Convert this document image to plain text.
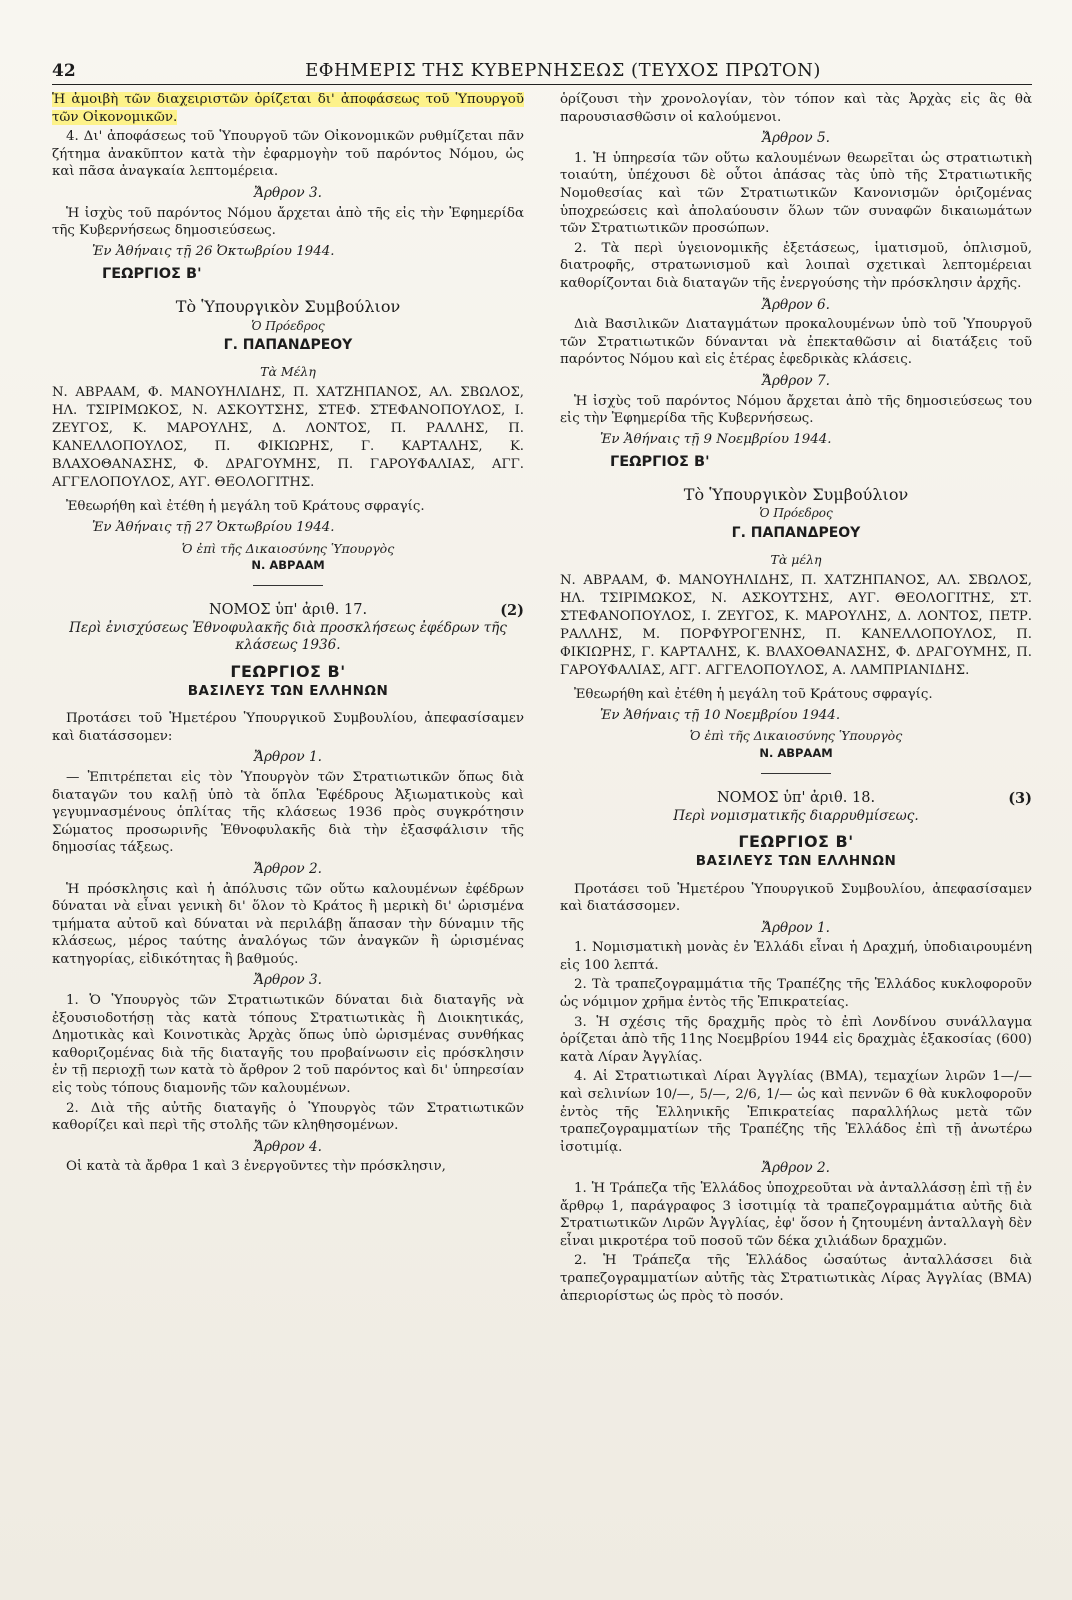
42	ΕΦΗΜΕΡΙΣ ΤΗΣ ΚΥΒΕΡΝΗΣΕΩΣ (ΤΕΥΧΟΣ ΠΡΩΤΟΝ)

Ἡ ἀμοιβὴ τῶν διαχειριστῶν ὁρίζεται δι' ἀποφάσεως τοῦ Ὑπουργοῦ τῶν Οἰκονομικῶν.

4. Δι' ἀποφάσεως τοῦ Ὑπουργοῦ τῶν Οἰκονομικῶν ρυθμίζεται πᾶν ζήτημα ἀνακῦπτον κατὰ τὴν ἐφαρμογὴν τοῦ παρόντος Νόμου, ὡς καὶ πᾶσα ἀναγκαία λεπτομέρεια.

Ἄρθρον 3.

Ἡ ἰσχὺς τοῦ παρόντος Νόμου ἄρχεται ἀπὸ τῆς εἰς τὴν Ἐφημερίδα τῆς Κυβερνήσεως δημοσιεύσεως.

Ἐν Ἀθήναις τῇ 26 Ὀκτωβρίου 1944.
ΓΕΩΡΓΙΟΣ Β'
Τὸ Ὑπουργικὸν Συμβούλιον
Ὁ Πρόεδρος
Γ. ΠΑΠΑΝΔΡΕΟΥ
Τὰ Μέλη
Ν. ΑΒΡΑΑΜ, Φ. ΜΑΝΟΥΗΛΙΔΗΣ, Π. ΧΑΤΖΗΠΑΝΟΣ, ΑΛ. ΣΒΩΛΟΣ, ΗΛ. ΤΣΙΡΙΜΩΚΟΣ, Ν. ΑΣΚΟΥΤΣΗΣ, ΣΤΕΦ. ΣΤΕΦΑΝΟΠΟΥΛΟΣ, Ι. ΖΕΥΓΟΣ, Κ. ΜΑΡΟΥΛΗΣ, Δ. ΛΟΝΤΟΣ, Π. ΡΑΛΛΗΣ, Π. ΚΑΝΕΛΛΟΠΟΥΛΟΣ, Π. ΦΙΚΙΩΡΗΣ, Γ. ΚΑΡΤΑΛΗΣ, Κ. ΒΛΑΧΟΘΑΝΑΣΗΣ, Φ. ΔΡΑΓΟΥΜΗΣ, Π. ΓΑΡΟΥΦΑΛΙΑΣ, ΑΓΓ. ΑΓΓΕΛΟΠΟΥΛΟΣ, ΑΥΓ. ΘΕΟΛΟΓΙΤΗΣ.

Ἐθεωρήθη καὶ ἐτέθη ἡ μεγάλη τοῦ Κράτους σφραγίς.

Ἐν Ἀθήναις τῇ 27 Ὀκτωβρίου 1944.
Ὁ ἐπὶ τῆς Δικαιοσύνης Ὑπουργὸς
Ν. ΑΒΡΑΑΜ
ΝΟΜΟΣ ὑπ' ἀριθ. 17.	(2)
Περὶ ἐνισχύσεως Ἐθνοφυλακῆς διὰ προσκλήσεως ἐφέδρων τῆς κλάσεως 1936.
ΓΕΩΡΓΙΟΣ Β'
ΒΑΣΙΛΕΥΣ ΤΩΝ ΕΛΛΗΝΩΝ

Προτάσει τοῦ Ἡμετέρου Ὑπουργικοῦ Συμβουλίου, ἀπεφασίσαμεν καὶ διατάσσομεν:

Ἄρθρον 1.

— Ἐπιτρέπεται εἰς τὸν Ὑπουργὸν τῶν Στρατιωτικῶν ὅπως διὰ διαταγῶν του καλῇ ὑπὸ τὰ ὅπλα Ἐφέδρους Ἀξιωματικοὺς καὶ γεγυμνασμένους ὁπλίτας τῆς κλάσεως 1936 πρὸς συγκρότησιν Σώματος προσωρινῆς Ἐθνοφυλακῆς διὰ τὴν ἐξασφάλισιν τῆς δημοσίας τάξεως.

Ἄρθρον 2.

Ἡ πρόσκλησις καὶ ἡ ἀπόλυσις τῶν οὕτω καλουμένων ἐφέδρων δύναται νὰ εἶναι γενικὴ δι' ὅλον τὸ Κράτος ἢ μερικὴ δι' ὡρισμένα τμήματα αὐτοῦ καὶ δύναται νὰ περιλάβῃ ἅπασαν τὴν δύναμιν τῆς κλάσεως, μέρος ταύτης ἀναλόγως τῶν ἀναγκῶν ἢ ὡρισμένας κατηγορίας, εἰδικότητας ἢ βαθμούς.

Ἄρθρον 3.

1. Ὁ Ὑπουργὸς τῶν Στρατιωτικῶν δύναται διὰ διαταγῆς νὰ ἐξουσιοδοτήσῃ τὰς κατὰ τόπους Στρατιωτικὰς ἢ Διοικητικάς, Δημοτικὰς καὶ Κοινοτικὰς Ἀρχὰς ὅπως ὑπὸ ὡρισμένας συνθήκας καθοριζομένας διὰ τῆς διαταγῆς του προβαίνωσιν εἰς πρόσκλησιν ἐν τῇ περιοχῇ των κατὰ τὸ ἄρθρον 2 τοῦ παρόντος καὶ δι' ὑπηρεσίαν εἰς τοὺς τόπους διαμονῆς τῶν καλουμένων.

2. Διὰ τῆς αὐτῆς διαταγῆς ὁ Ὑπουργὸς τῶν Στρατιωτικῶν καθορίζει καὶ περὶ τῆς στολῆς τῶν κληθησομένων.

Ἄρθρον 4.

Οἱ κατὰ τὰ ἄρθρα 1 καὶ 3 ἐνεργοῦντες τὴν πρόσκλησιν,

ὁρίζουσι τὴν χρονολογίαν, τὸν τόπον καὶ τὰς Ἀρχὰς εἰς ἃς θὰ παρουσιασθῶσιν οἱ καλούμενοι.

Ἄρθρον 5.

1. Ἡ ὑπηρεσία τῶν οὕτω καλουμένων θεωρεῖται ὡς στρατιωτικὴ τοιαύτη, ὑπέχουσι δὲ οὗτοι ἁπάσας τὰς ὑπὸ τῆς Στρατιωτικῆς Νομοθεσίας καὶ τῶν Στρατιωτικῶν Κανονισμῶν ὁριζομένας ὑποχρεώσεις καὶ ἀπολαύουσιν ὅλων τῶν συναφῶν δικαιωμάτων τῶν Στρατιωτικῶν προσώπων.

2. Τὰ περὶ ὑγειονομικῆς ἐξετάσεως, ἱματισμοῦ, ὁπλισμοῦ, διατροφῆς, στρατωνισμοῦ καὶ λοιπαὶ σχετικαὶ λεπτομέρειαι καθορίζονται διὰ διαταγῶν τῆς ἐνεργούσης τὴν πρόσκλησιν ἀρχῆς.

Ἄρθρον 6.

Διὰ Βασιλικῶν Διαταγμάτων προκαλουμένων ὑπὸ τοῦ Ὑπουργοῦ τῶν Στρατιωτικῶν δύνανται νὰ ἐπεκταθῶσιν αἱ διατάξεις τοῦ παρόντος Νόμου καὶ εἰς ἑτέρας ἐφεδρικὰς κλάσεις.

Ἄρθρον 7.

Ἡ ἰσχὺς τοῦ παρόντος Νόμου ἄρχεται ἀπὸ τῆς δημοσιεύσεως του εἰς τὴν Ἐφημερίδα τῆς Κυβερνήσεως.

Ἐν Ἀθήναις τῇ 9 Νοεμβρίου 1944.
ΓΕΩΡΓΙΟΣ Β'
Τὸ Ὑπουργικὸν Συμβούλιον
Ὁ Πρόεδρος
Γ. ΠΑΠΑΝΔΡΕΟΥ
Τὰ μέλη
Ν. ΑΒΡΑΑΜ, Φ. ΜΑΝΟΥΗΛΙΔΗΣ, Π. ΧΑΤΖΗΠΑΝΟΣ, ΑΛ. ΣΒΩΛΟΣ, ΗΛ. ΤΣΙΡΙΜΩΚΟΣ, Ν. ΑΣΚΟΥΤΣΗΣ, ΑΥΓ. ΘΕΟΛΟΓΙΤΗΣ, ΣΤ. ΣΤΕΦΑΝΟΠΟΥΛΟΣ, Ι. ΖΕΥΓΟΣ, Κ. ΜΑΡΟΥΛΗΣ, Δ. ΛΟΝΤΟΣ, ΠΕΤΡ. ΡΑΛΛΗΣ, Μ. ΠΟΡΦΥΡΟΓΕΝΗΣ, Π. ΚΑΝΕΛΛΟΠΟΥΛΟΣ, Π. ΦΙΚΙΩΡΗΣ, Γ. ΚΑΡΤΑΛΗΣ, Κ. ΒΛΑΧΟΘΑΝΑΣΗΣ, Φ. ΔΡΑΓΟΥΜΗΣ, Π. ΓΑΡΟΥΦΑΛΙΑΣ, ΑΓΓ. ΑΓΓΕΛΟΠΟΥΛΟΣ, Α. ΛΑΜΠΡΙΑΝΙΔΗΣ.

Ἐθεωρήθη καὶ ἐτέθη ἡ μεγάλη τοῦ Κράτους σφραγίς.

Ἐν Ἀθήναις τῇ 10 Νοεμβρίου 1944.
Ὁ ἐπὶ τῆς Δικαιοσύνης Ὑπουργὸς
Ν. ΑΒΡΑΑΜ
ΝΟΜΟΣ ὑπ' ἀριθ. 18.	(3)
Περὶ νομισματικῆς διαρρυθμίσεως.
ΓΕΩΡΓΙΟΣ Β'
ΒΑΣΙΛΕΥΣ ΤΩΝ ΕΛΛΗΝΩΝ

Προτάσει τοῦ Ἡμετέρου Ὑπουργικοῦ Συμβουλίου, ἀπεφασίσαμεν καὶ διατάσσομεν.

Ἄρθρον 1.

1. Νομισματικὴ μονὰς ἐν Ἑλλάδι εἶναι ἡ Δραχμή, ὑποδιαιρουμένη εἰς 100 λεπτά.

2. Τὰ τραπεζογραμμάτια τῆς Τραπέζης τῆς Ἑλλάδος κυκλοφοροῦν ὡς νόμιμον χρῆμα ἐντὸς τῆς Ἐπικρατείας.

3. Ἡ σχέσις τῆς δραχμῆς πρὸς τὸ ἐπὶ Λονδίνου συνάλλαγμα ὁρίζεται ἀπὸ τῆς 11ης Νοεμβρίου 1944 εἰς δραχμὰς ἑξακοσίας (600) κατὰ Λίραν Ἀγγλίας.

4. Αἱ Στρατιωτικαὶ Λίραι Ἀγγλίας (BMA), τεμαχίων λιρῶν 1—/— καὶ σελινίων 10/—, 5/—, 2/6, 1/— ὡς καὶ πεννῶν 6 θὰ κυκλοφοροῦν ἐντὸς τῆς Ἑλληνικῆς Ἐπικρατείας παραλλήλως μετὰ τῶν τραπεζογραμματίων τῆς Τραπέζης τῆς Ἑλλάδος ἐπὶ τῇ ἀνωτέρω ἰσοτιμίᾳ.

Ἄρθρον 2.

1. Ἡ Τράπεζα τῆς Ἑλλάδος ὑποχρεοῦται νὰ ἀνταλλάσσῃ ἐπὶ τῇ ἐν ἄρθρῳ 1, παράγραφος 3 ἰσοτιμίᾳ τὰ τραπεζογραμμάτια αὐτῆς διὰ Στρατιωτικῶν Λιρῶν Ἀγγλίας, ἐφ' ὅσον ἡ ζητουμένη ἀνταλλαγὴ δὲν εἶναι μικροτέρα τοῦ ποσοῦ τῶν δέκα χιλιάδων δραχμῶν.

2. Ἡ Τράπεζα τῆς Ἑλλάδος ὡσαύτως ἀνταλλάσσει διὰ τραπεζογραμματίων αὐτῆς τὰς Στρατιωτικὰς Λίρας Ἀγγλίας (BMA) ἀπεριορίστως ὡς πρὸς τὸ ποσόν.
